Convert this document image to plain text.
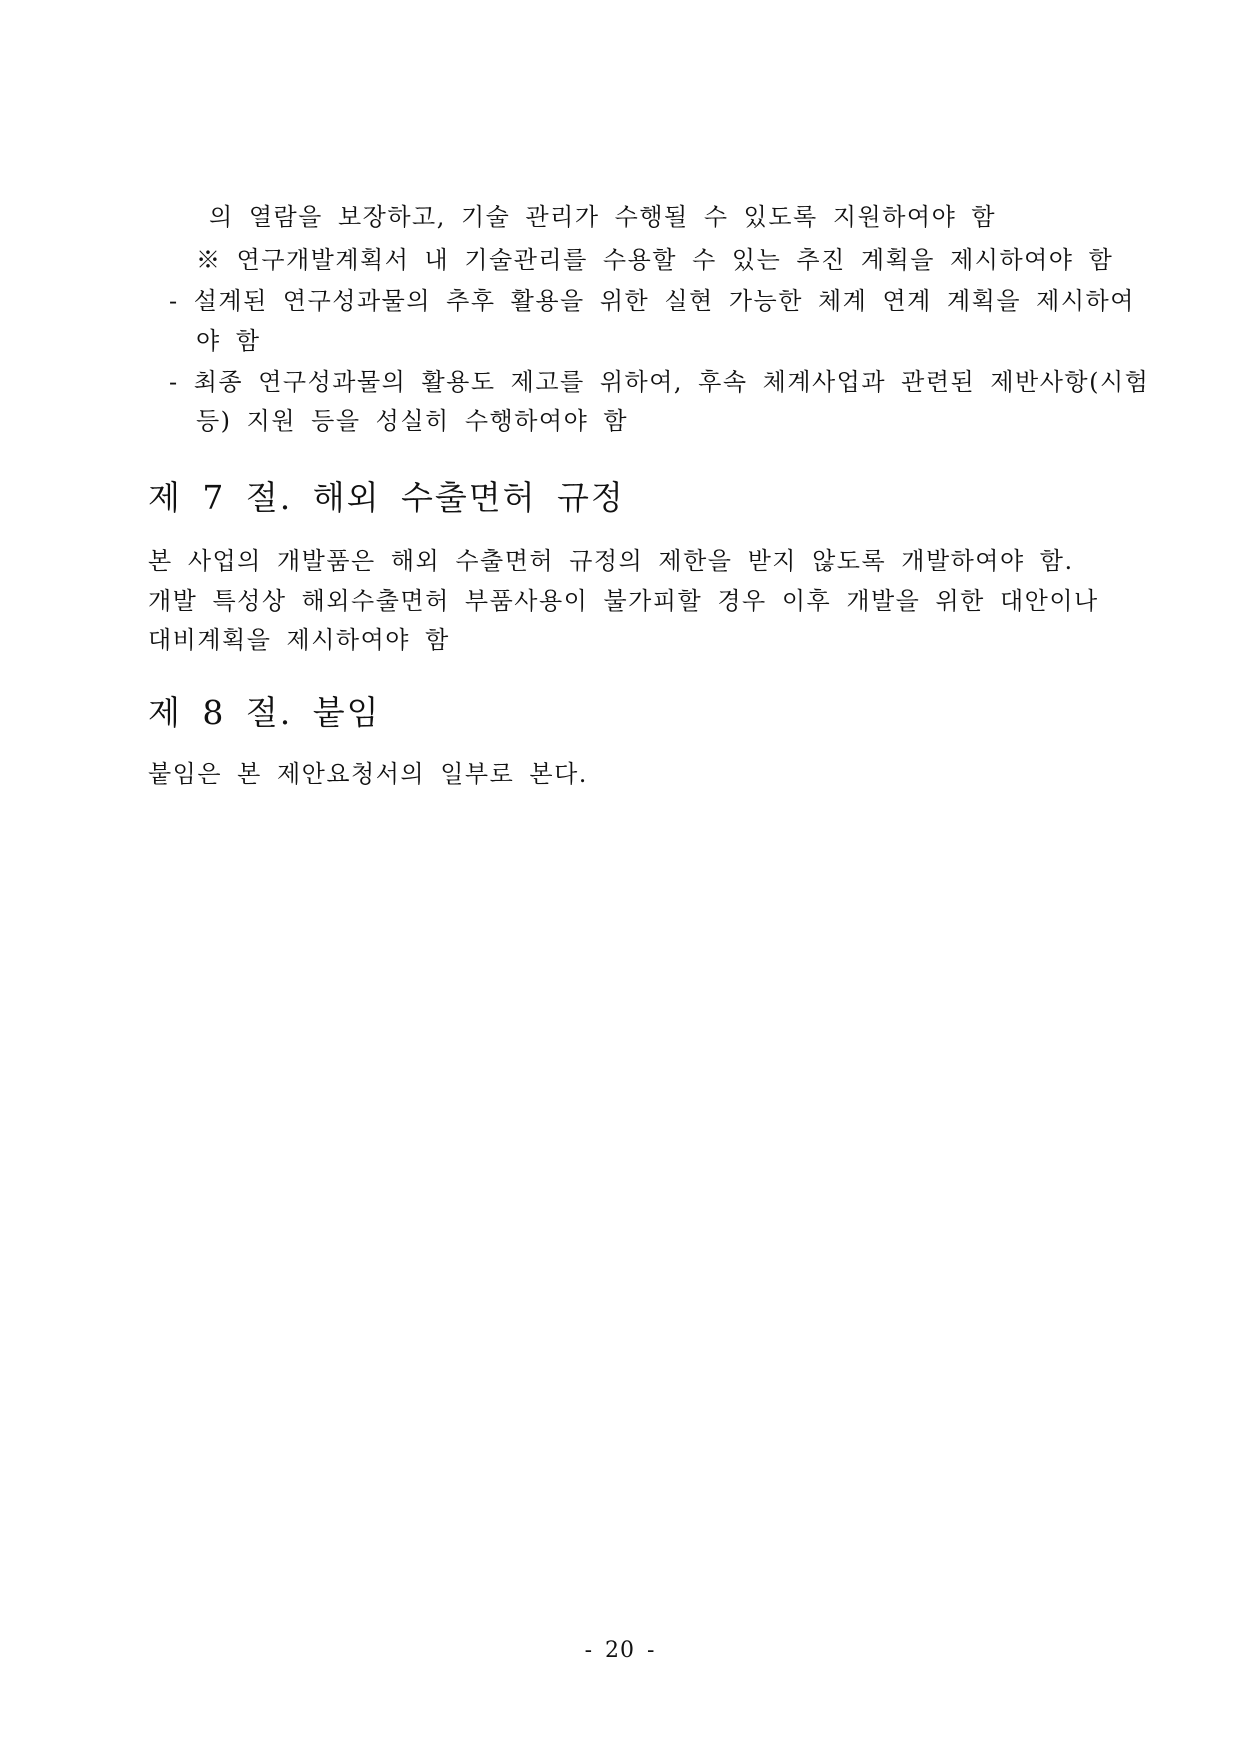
의 열람을 보장하고, 기술 관리가 수행될 수 있도록 지원하여야 함
※ 연구개발계획서 내 기술관리를 수용할 수 있는 추진 계획을 제시하여야 함
- 설계된 연구성과물의 추후 활용을 위한 실현 가능한 체계 연계 계획을 제시하여
야 함
- 최종 연구성과물의 활용도 제고를 위하여, 후속 체계사업과 관련된 제반사항(시험
등) 지원 등을 성실히 수행하여야 함
제 7 절. 해외 수출면허 규정
본 사업의 개발품은 해외 수출면허 규정의 제한을 받지 않도록 개발하여야 함.
개발 특성상 해외수출면허 부품사용이 불가피할 경우 이후 개발을 위한 대안이나
대비계획을 제시하여야 함
제 8 절. 붙임
붙임은 본 제안요청서의 일부로 본다.
- 20 -
